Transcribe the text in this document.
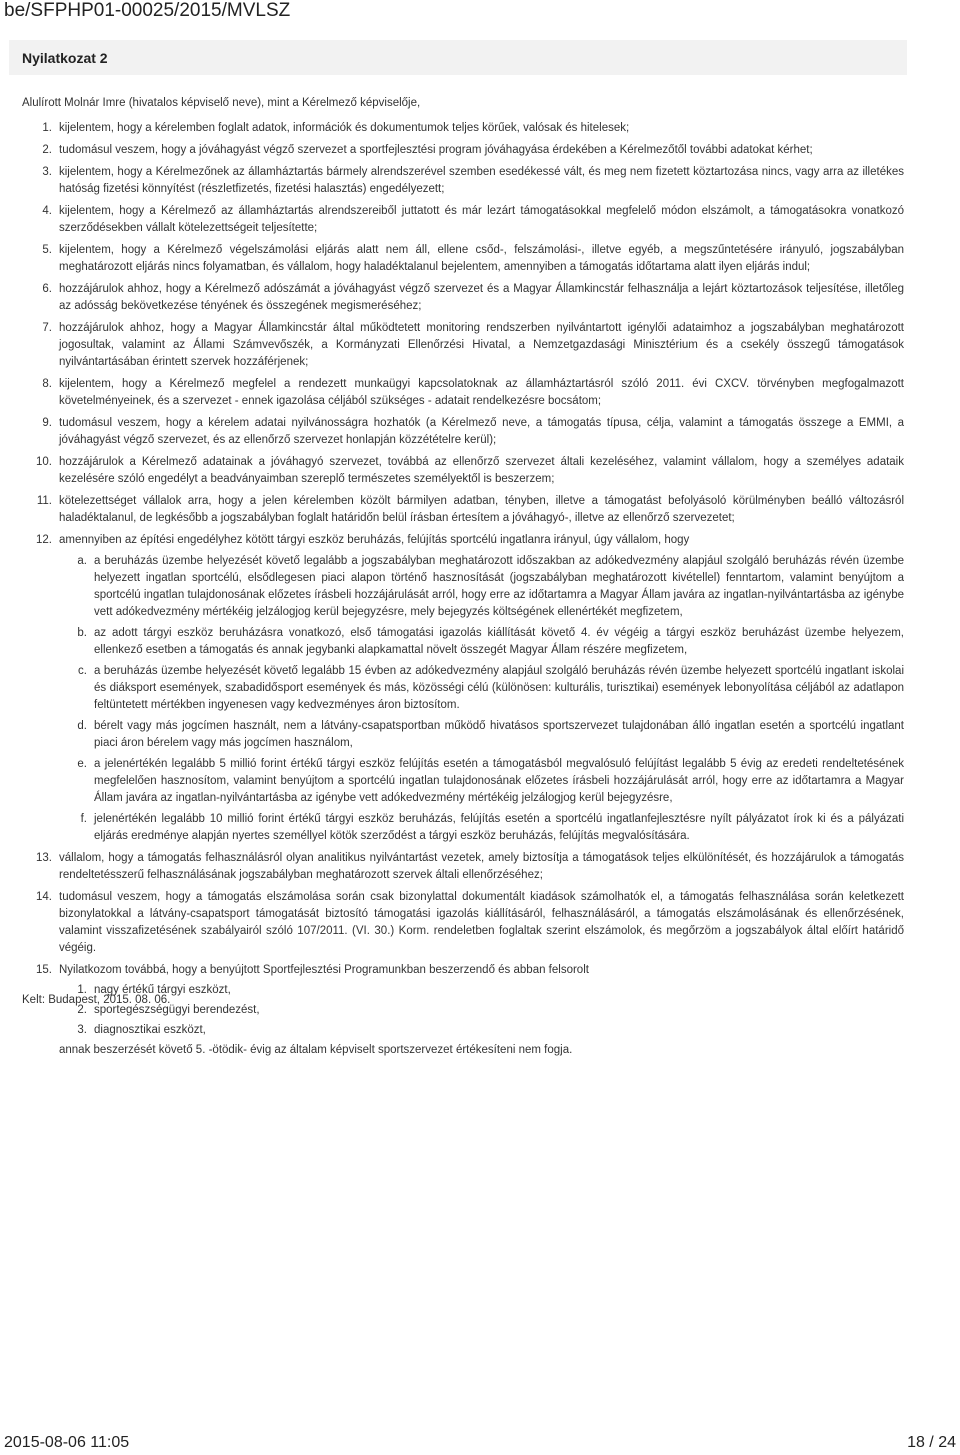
be/SFPHP01-00025/2015/MVLSZ
Nyilatkozat 2
Alulírott Molnár Imre (hivatalos képviselő neve), mint a Kérelmező képviselője,
1. kijelentem, hogy a kérelemben foglalt adatok, információk és dokumentumok teljes körűek, valósak és hitelesek;
2. tudomásul veszem, hogy a jóváhagyást végző szervezet a sportfejlesztési program jóváhagyása érdekében a Kérelmezőtől további adatokat kérhet;
3. kijelentem, hogy a Kérelmezőnek az államháztartás bármely alrendszerével szemben esedékessé vált, és meg nem fizetett köztartozása nincs, vagy arra az illetékes hatóság fizetési könnyítést (részletfizetés, fizetési halasztás) engedélyezett;
4. kijelentem, hogy a Kérelmező az államháztartás alrendszereiből juttatott és már lezárt támogatásokkal megfelelő módon elszámolt, a támogatásokra vonatkozó szerződésekben vállalt kötelezettségeit teljesítette;
5. kijelentem, hogy a Kérelmező végelszámolási eljárás alatt nem áll, ellene csőd-, felszámolási-, illetve egyéb, a megszűntetésére irányuló, jogszabályban meghatározott eljárás nincs folyamatban, és vállalom, hogy haladéktalanul bejelentem, amennyiben a támogatás időtartama alatt ilyen eljárás indul;
6. hozzájárulok ahhoz, hogy a Kérelmező adószámát a jóváhagyást végző szervezet és a Magyar Államkincstár felhasználja a lejárt köztartozások teljesítése, illetőleg az adósság bekövetkezése tényének és összegének megismeréséhez;
7. hozzájárulok ahhoz, hogy a Magyar Államkincstár által működtetett monitoring rendszerben nyilvántartott igénylői adataimhoz a jogszabályban meghatározott jogosultak, valamint az Állami Számvevőszék, a Kormányzati Ellenőrzési Hivatal, a Nemzetgazdasági Minisztérium és a csekély összegű támogatások nyilvántartásában érintett szervek hozzáférjenek;
8. kijelentem, hogy a Kérelmező megfelel a rendezett munkaügyi kapcsolatoknak az államháztartásról szóló 2011. évi CXCV. törvényben megfogalmazott követelményeinek, és a szervezet - ennek igazolása céljából szükséges - adatait rendelkezésre bocsátom;
9. tudomásul veszem, hogy a kérelem adatai nyilvánosságra hozhatók (a Kérelmező neve, a támogatás típusa, célja, valamint a támogatás összege a EMMI, a jóváhagyást végző szervezet, és az ellenőrző szervezet honlapján közzétételre kerül);
10. hozzájárulok a Kérelmező adatainak a jóváhagyó szervezet, továbbá az ellenőrző szervezet általi kezeléséhez, valamint vállalom, hogy a személyes adataik kezelésére szóló engedélyt a beadványaimban szereplő természetes személyektől is beszerzem;
11. kötelezettséget vállalok arra, hogy a jelen kérelemben közölt bármilyen adatban, tényben, illetve a támogatást befolyásoló körülményben beálló változásról haladéktalanul, de legkésőbb a jogszabályban foglalt határidőn belül írásban értesítem a jóváhagyó-, illetve az ellenőrző szervezetet;
12. amennyiben az építési engedélyhez kötött tárgyi eszköz beruházás, felújítás sportcélú ingatlanra irányul, úgy vállalom, hogy
a. a beruházás üzembe helyezését követő legalább a jogszabályban meghatározott időszakban az adókedvezmény alapjául szolgáló beruházás révén üzembe helyezett ingatlan sportcélú, elsődlegesen piaci alapon történő hasznosítását (jogszabályban meghatározott kivétellel) fenntartom, valamint benyújtom a sportcélú ingatlan tulajdonosának előzetes írásbeli hozzájárulását arról, hogy erre az időtartamra a Magyar Állam javára az ingatlan-nyilvántartásba az igénybe vett adókedvezmény mértékéig jelzálogjog kerül bejegyzésre, mely bejegyzés költségének ellenértékét megfizetem,
b. az adott tárgyi eszköz beruházásra vonatkozó, első támogatási igazolás kiállítását követő 4. év végéig a tárgyi eszköz beruházást üzembe helyezem, ellenkező esetben a támogatás és annak jegybanki alapkamattal növelt összegét Magyar Állam részére megfizetem,
c. a beruházás üzembe helyezését követő legalább 15 évben az adókedvezmény alapjául szolgáló beruházás révén üzembe helyezett sportcélú ingatlant iskolai és diáksport események, szabadidősport események és más, közösségi célú (különösen: kulturális, turisztikai) események lebonyolítása céljából az adatlapon feltüntetett mértékben ingyenesen vagy kedvezményes áron biztosítom.
d. bérelt vagy más jogcímen használt, nem a látvány-csapatsportban működő hivatásos sportszervezet tulajdonában álló ingatlan esetén a sportcélú ingatlant piaci áron bérelem vagy más jogcímen használom,
e. a jelenértékén legalább 5 millió forint értékű tárgyi eszköz felújítás esetén a támogatásból megvalósuló felújítást legalább 5 évig az eredeti rendeltetésének megfelelően hasznosítom, valamint benyújtom a sportcélú ingatlan tulajdonosának előzetes írásbeli hozzájárulását arról, hogy erre az időtartamra a Magyar Állam javára az ingatlan-nyilvántartásba az igénybe vett adókedvezmény mértékéig jelzálogjog kerül bejegyzésre,
f. jelenértékén legalább 10 millió forint értékű tárgyi eszköz beruházás, felújítás esetén a sportcélú ingatlanfejlesztésre nyílt pályázatot írok ki és a pályázati eljárás eredménye alapján nyertes személlyel kötök szerződést a tárgyi eszköz beruházás, felújítás megvalósítására.
13. vállalom, hogy a támogatás felhasználásról olyan analitikus nyilvántartást vezetek, amely biztosítja a támogatások teljes elkülönítését, és hozzájárulok a támogatás rendeltetésszerű felhasználásának jogszabályban meghatározott szervek általi ellenőrzéséhez;
14. tudomásul veszem, hogy a támogatás elszámolása során csak bizonylattal dokumentált kiadások számolhatók el, a támogatás felhasználása során keletkezett bizonylatokkal a látvány-csapatsport támogatását biztosító támogatási igazolás kiállításáról, felhasználásáról, a támogatás elszámolásának és ellenőrzésének, valamint visszafizetésének szabályairól szóló 107/2011. (VI. 30.) Korm. rendeletben foglaltak szerint elszámolok, és megőrzöm a jogszabályok által előírt határidő végéig.
15. Nyilatkozom továbbá, hogy a benyújtott Sportfejlesztési Programunkban beszerzendő és abban felsorolt
1. nagy értékű tárgyi eszközt,
2. sportegészségügyi berendezést,
3. diagnosztikai eszközt,
annak beszerzését követő 5. -ötödik- évig az általam képviselt sportszervezet értékesíteni nem fogja.
Kelt: Budapest, 2015. 08. 06.
2015-08-06 11:05	18 / 24
